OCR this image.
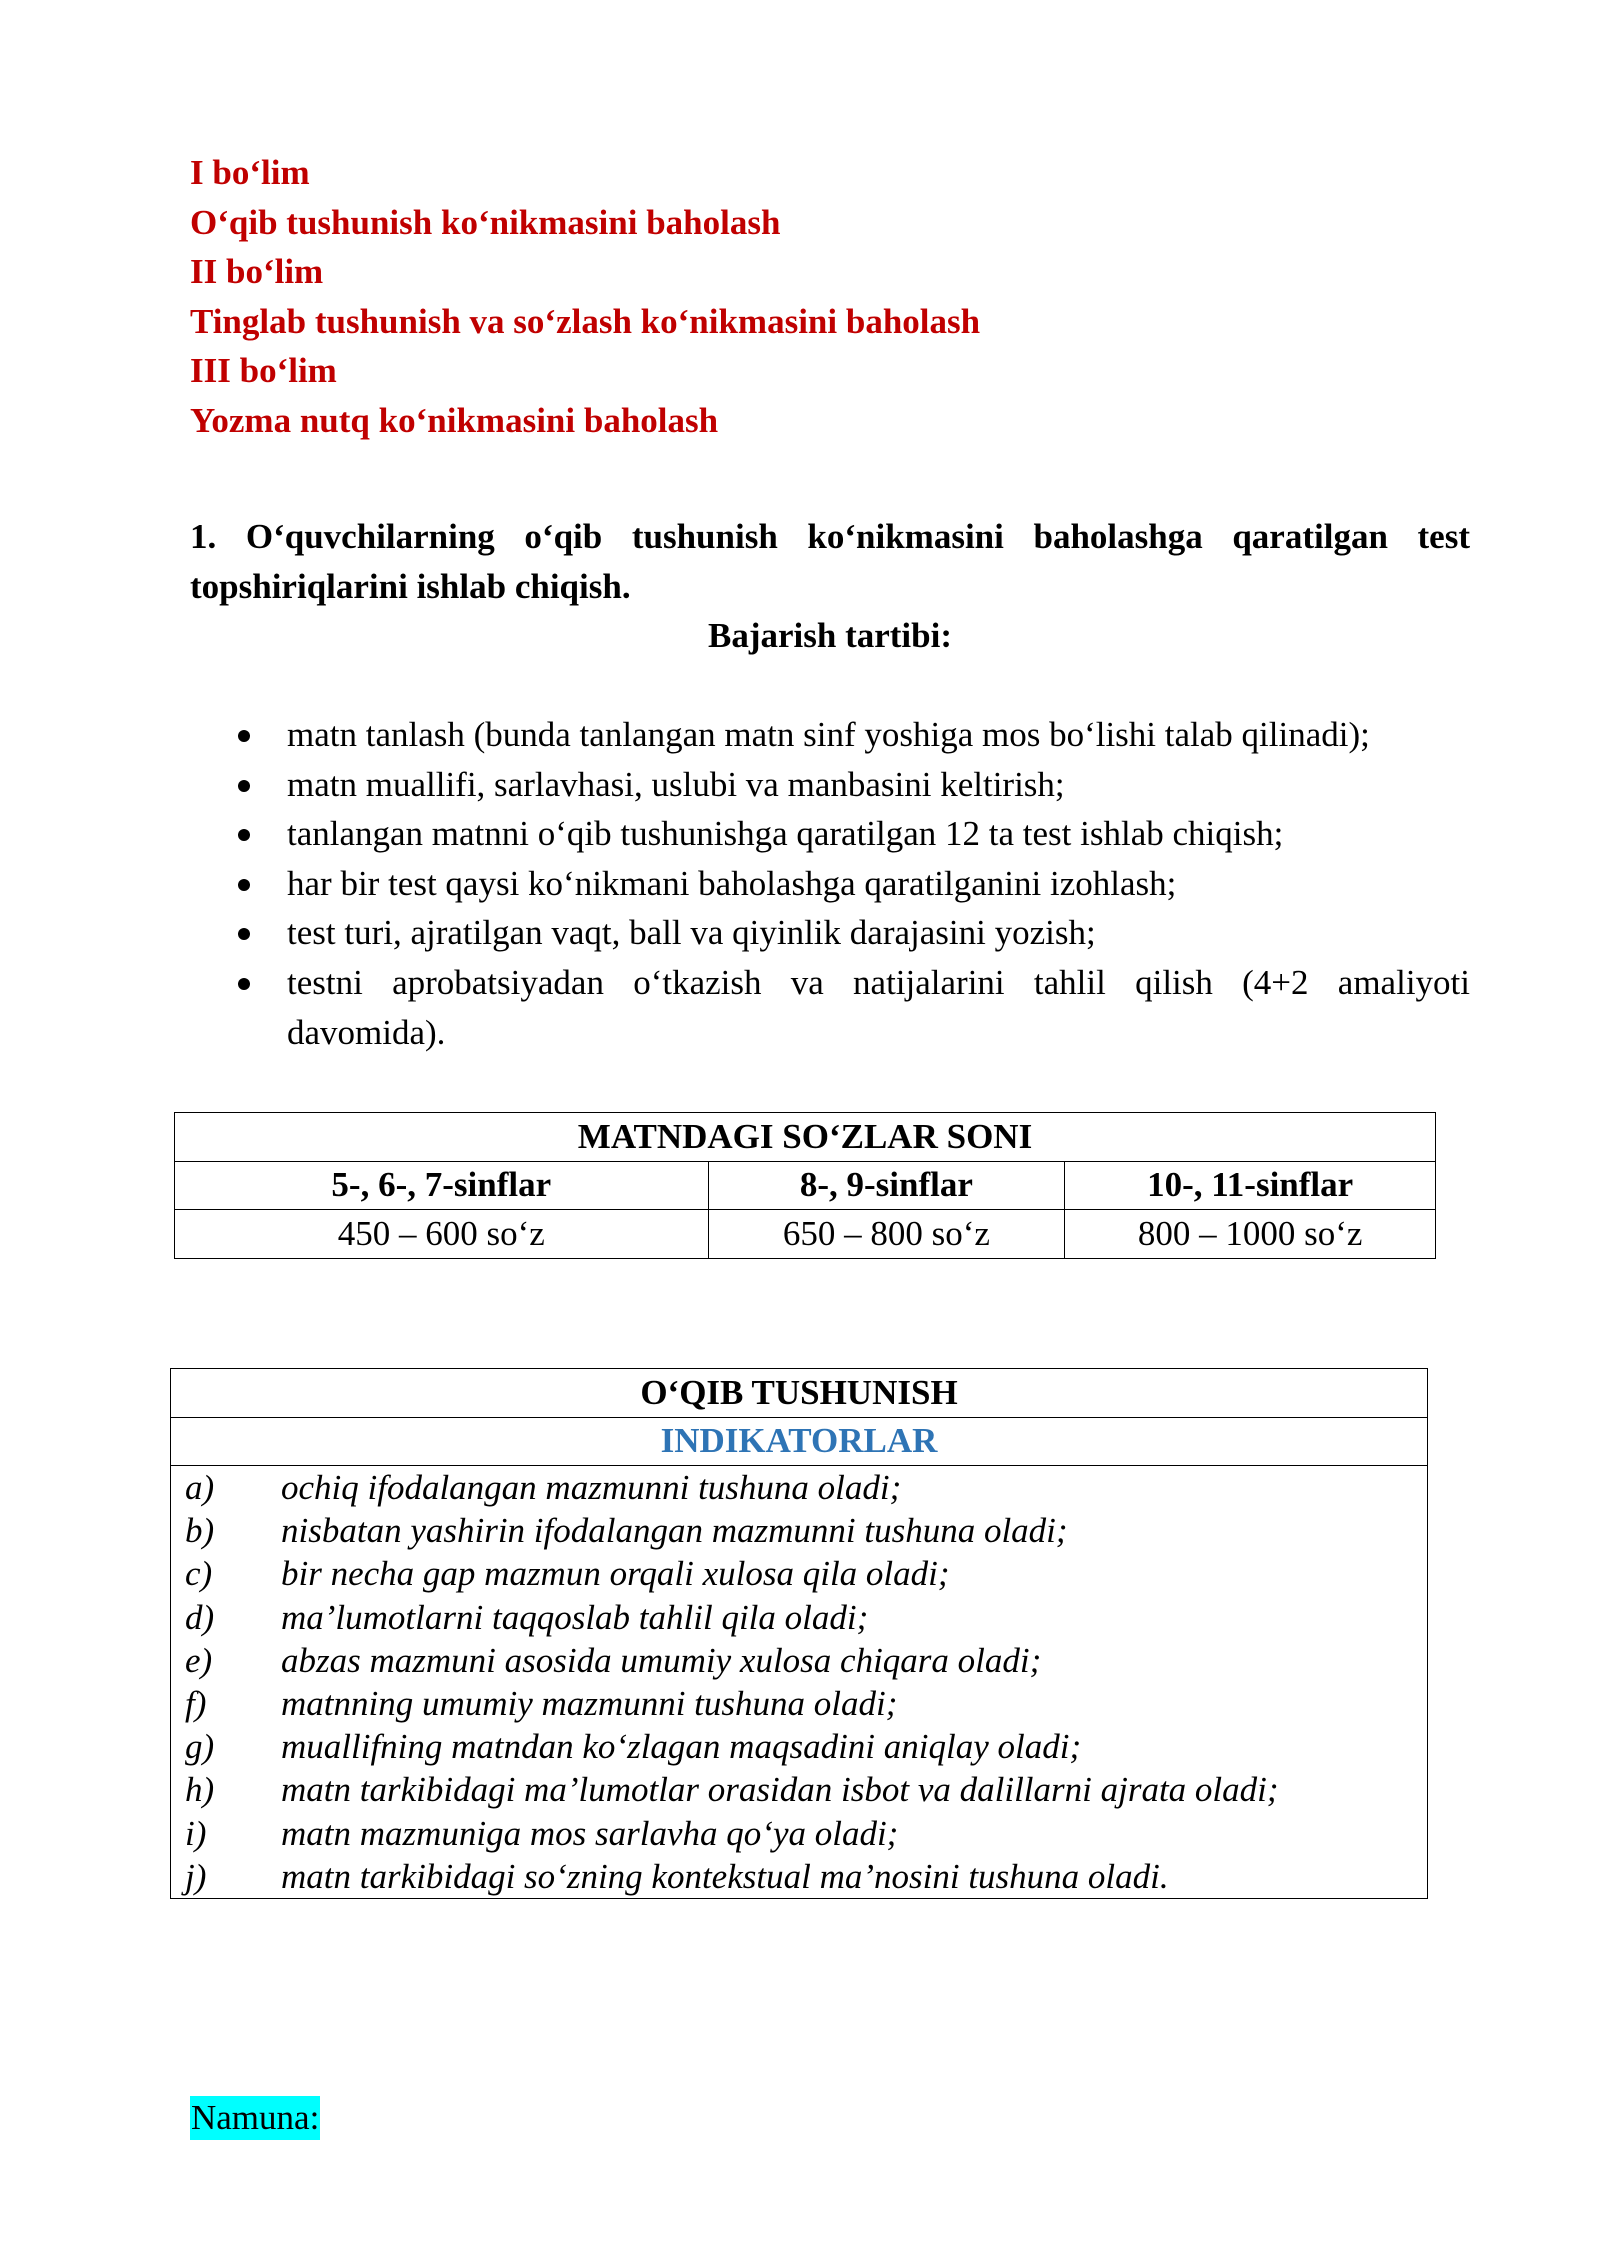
I bo‘lim
O‘qib tushunish ko‘nikmasini baholash
II bo‘lim
Tinglab tushunish va so‘zlash ko‘nikmasini baholash
III bo‘lim
Yozma nutq ko‘nikmasini baholash
1. O‘quvchilarning o‘qib tushunish ko‘nikmasini baholashga qaratilgan test topshiriqlarini ishlab chiqish.
Bajarish tartibi:
matn tanlash (bunda tanlangan matn sinf yoshiga mos bo‘lishi talab qilinadi);
matn muallifi, sarlavhasi, uslubi va manbasini keltirish;
tanlangan matnni o‘qib tushunishga qaratilgan 12 ta test ishlab chiqish;
har bir test qaysi ko‘nikmani baholashga qaratilganini izohlash;
test turi, ajratilgan vaqt, ball va qiyinlik darajasini yozish;
testni aprobatsiyadan o‘tkazish va natijalarini tahlil qilish (4+2 amaliyoti davomida).
MATNDAGI SO‘ZLAR SONI		
5-, 6-, 7-sinflar	8-, 9-sinflar	10-, 11-sinflar
450 – 600 so‘z	650 – 800 so‘z	800 – 1000 so‘z
O‘QIB TUSHUNISH
INDIKATORLAR

a)	ochiq ifodalangan mazmunni tushuna oladi;
b)	nisbatan yashirin ifodalangan mazmunni tushuna oladi;
c)	bir necha gap mazmun orqali xulosa qila oladi;
d)	ma’lumotlarni taqqoslab tahlil qila oladi;
e)	abzas mazmuni asosida umumiy xulosa chiqara oladi;
f)	matnning umumiy mazmunni tushuna oladi;
g)	muallifning matndan ko‘zlagan maqsadini aniqlay oladi;
h)	matn tarkibidagi ma’lumotlar orasidan isbot va dalillarni ajrata oladi;
i)	matn mazmuniga mos sarlavha qo‘ya oladi;
j)	matn tarkibidagi so‘zning kontekstual ma’nosini tushuna oladi.
Namuna:
